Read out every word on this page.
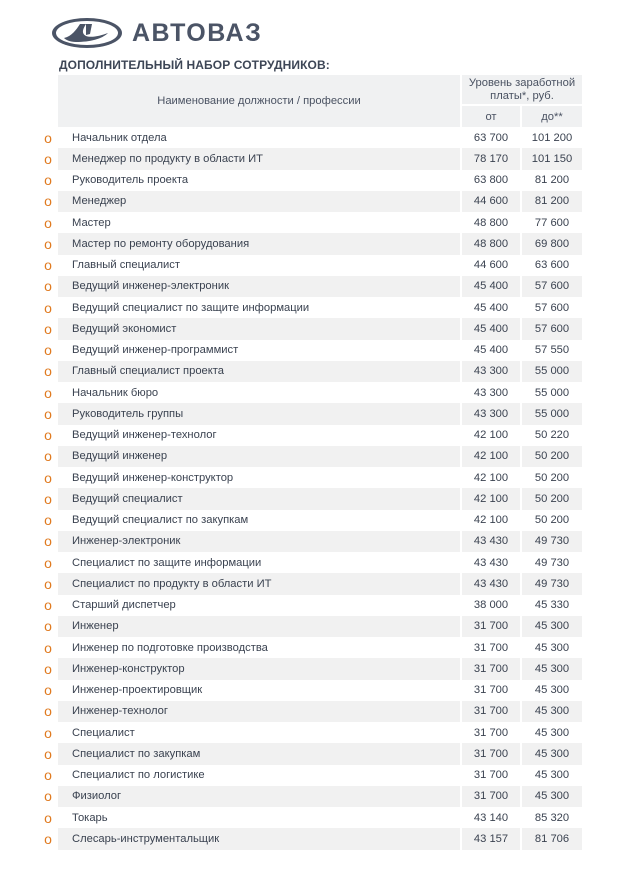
АВТОВАЗ
ДОПОЛНИТЕЛЬНЫЙ НАБОР СОТРУДНИКОВ:
	Наименование должности / профессии	Уровень заработной платы*, руб.	
		от	до**
o	Начальник отдела	63 700	101 200
o	Менеджер по продукту в области ИТ	78 170	101 150
o	Руководитель проекта	63 800	81 200
o	Менеджер	44 600	81 200
o	Мастер	48 800	77 600
o	Мастер по ремонту оборудования	48 800	69 800
o	Главный специалист	44 600	63 600
o	Ведущий инженер-электроник	45 400	57 600
o	Ведущий специалист по защите информации	45 400	57 600
o	Ведущий экономист	45 400	57 600
o	Ведущий инженер-программист	45 400	57 550
o	Главный специалист проекта	43 300	55 000
o	Начальник бюро	43 300	55 000
o	Руководитель группы	43 300	55 000
o	Ведущий инженер-технолог	42 100	50 220
o	Ведущий инженер	42 100	50 200
o	Ведущий инженер-конструктор	42 100	50 200
o	Ведущий специалист	42 100	50 200
o	Ведущий специалист по закупкам	42 100	50 200
o	Инженер-электроник	43 430	49 730
o	Специалист по защите информации	43 430	49 730
o	Специалист по продукту в области ИТ	43 430	49 730
o	Старший диспетчер	38 000	45 330
o	Инженер	31 700	45 300
o	Инженер по подготовке производства	31 700	45 300
o	Инженер-конструктор	31 700	45 300
o	Инженер-проектировщик	31 700	45 300
o	Инженер-технолог	31 700	45 300
o	Специалист	31 700	45 300
o	Специалист по закупкам	31 700	45 300
o	Специалист по логистике	31 700	45 300
o	Физиолог	31 700	45 300
o	Токарь	43 140	85 320
o	Слесарь-инструментальщик	43 157	81 706
